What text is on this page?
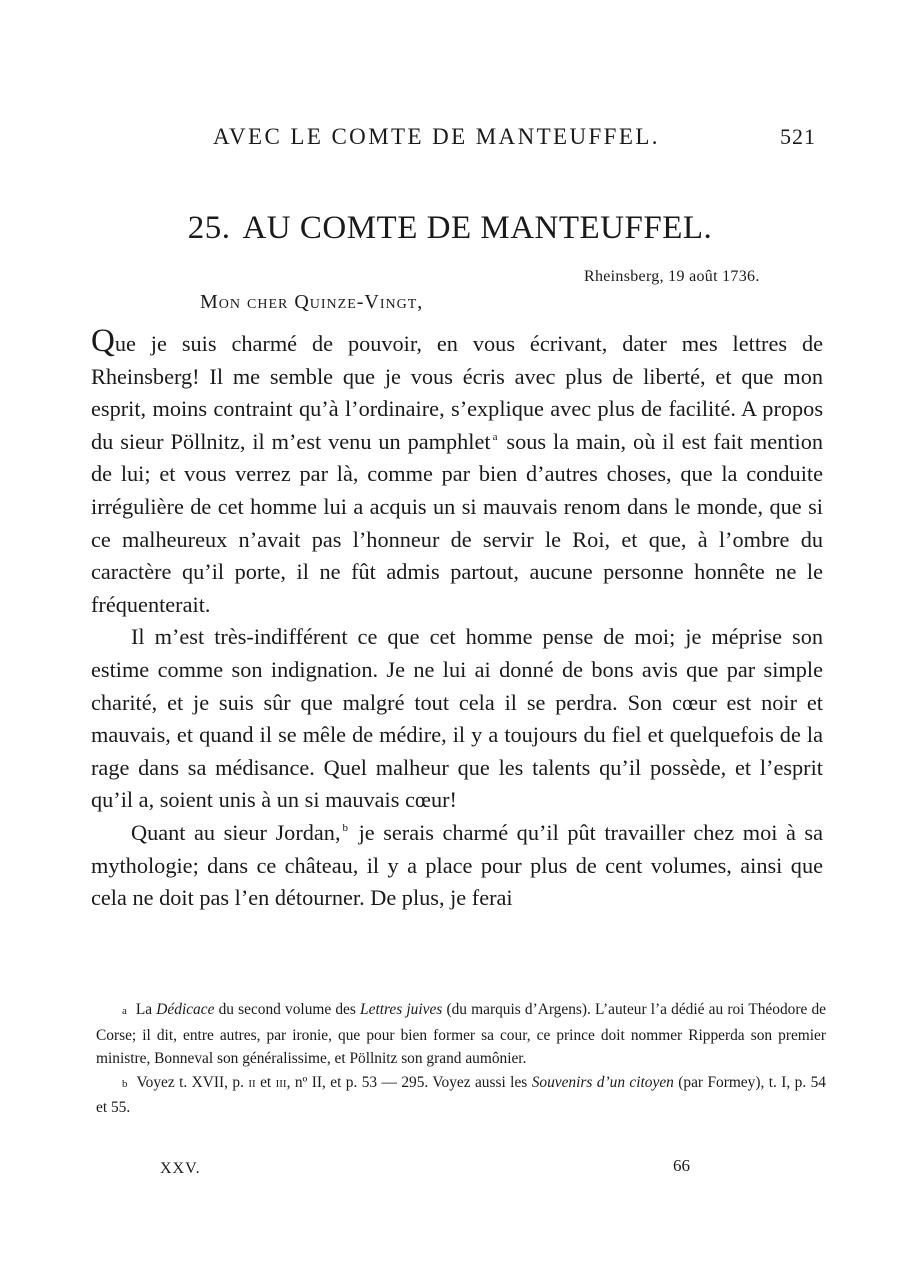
AVEC LE COMTE DE MANTEUFFEL.	521
25. AU COMTE DE MANTEUFFEL.
Rheinsberg, 19 août 1736.
Mon cher Quinze-Vingt,

Que je suis charmé de pouvoir, en vous écrivant, dater mes lettres de Rheinsberg! Il me semble que je vous écris avec plus de liberté, et que mon esprit, moins contraint qu’à l’ordinaire, s’explique avec plus de facilité. A propos du sieur Pöllnitz, il m’est venu un pamphlet $^a$ sous la main, où il est fait mention de lui; et vous verrez par là, comme par bien d’autres choses, que la conduite irrégulière de cet homme lui a acquis un si mauvais renom dans le monde, que si ce malheureux n’avait pas l’honneur de servir le Roi, et que, à l’ombre du caractère qu’il porte, il ne fût admis partout, aucune personne honnête ne le fréquenterait.

Il m’est très-indifférent ce que cet homme pense de moi; je méprise son estime comme son indignation. Je ne lui ai donné de bons avis que par simple charité, et je suis sûr que malgré tout cela il se perdra. Son cœur est noir et mauvais, et quand il se mêle de médire, il y a toujours du fiel et quelquefois de la rage dans sa médisance. Quel malheur que les talents qu’il possède, et l’esprit qu’il a, soient unis à un si mauvais cœur!

Quant au sieur Jordan, $^b$ je serais charmé qu’il pût travailler chez moi à sa mythologie; dans ce château, il y a place pour plus de cent volumes, ainsi que cela ne doit pas l’en détourner. De plus, je ferai

a La Dédicace du second volume des Lettres juives (du marquis d’Argens). L’auteur l’a dédié au roi Théodore de Corse; il dit, entre autres, par ironie, que pour bien former sa cour, ce prince doit nommer Ripperda son premier ministre, Bonneval son généralissime, et Pöllnitz son grand aumônier.

b Voyez t. XVII, p. ii et iii, nº II, et p. 53 — 295. Voyez aussi les Souvenirs d’un citoyen (par Formey), t. I, p. 54 et 55.

XXV.	66
